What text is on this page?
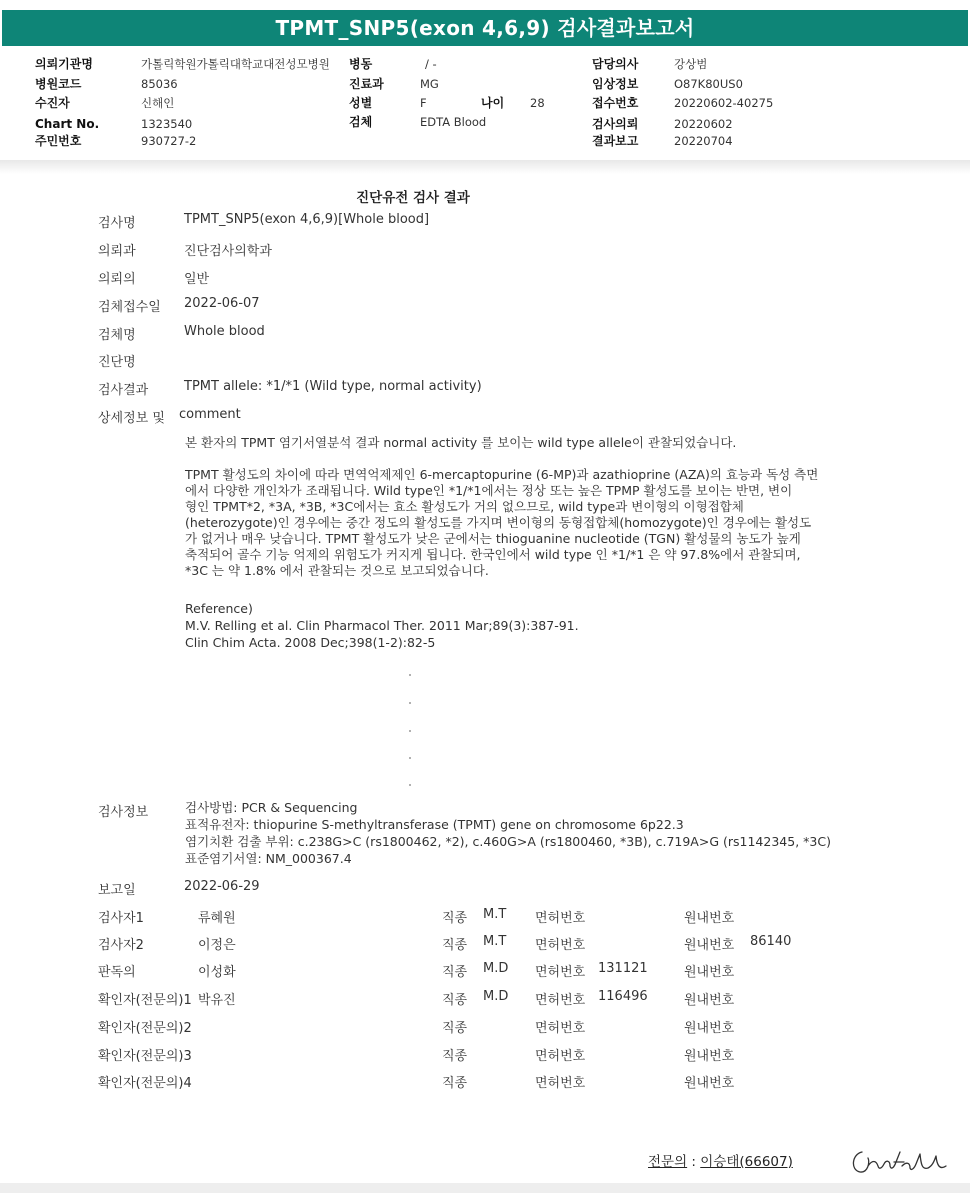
TPMT_SNP5(exon 4,6,9) 검사결과보고서
의뢰기관명	가톨릭학원가톨릭대학교대전성모병원
병원코드	85036
수진자	신해인
Chart No.	1323540
주민번호	930727-2
병동	/ -
진료과	MG
성별	F	나이 28
검체	EDTA Blood
담당의사	강상범
임상정보	O87K80US0
접수번호	20220602-40275
검사의뢰	20220602
결과보고	20220704
진단유전 검사 결과
검사명	TPMT_SNP5(exon 4,6,9)[Whole blood]
의뢰과	진단검사의학과
의뢰의	일반
검체접수일 2022-06-07
검체명	Whole blood
진단명
검사결과	TPMT allele: *1/*1 (Wild type, normal activity)
상세정보 및 comment
본 환자의 TPMT 염기서열분석 결과 normal activity 를 보이는 wild type allele이 관찰되었습니다.
TPMT 활성도의 차이에 따라 면역억제제인 6-mercaptopurine (6-MP)과 azathioprine (AZA)의 효능과 독성 측면
에서 다양한 개인차가 조래됩니다. Wild type인 *1/*1에서는 정상 또는 높은 TPMP 활성도를 보이는 반면, 변이
형인 TPMT*2, *3A, *3B, *3C에서는 효소 활성도가 거의 없으므로, wild type과 변이형의 이형접합체
(heterozygote)인 경우에는 중간 정도의 활성도를 가지며 변이형의 동형접합체(homozygote)인 경우에는 활성도
가 없거나 매우 낮습니다. TPMT 활성도가 낮은 군에서는 thioguanine nucleotide (TGN) 활성물의 농도가 높게
축적되어 골수 기능 억제의 위험도가 커지게 됩니다. 한국인에서 wild type 인 *1/*1 은 약 97.8%에서 관찰되며,
*3C 는 약 1.8% 에서 관찰되는 것으로 보고되었습니다.
Reference)
M.V. Relling et al. Clin Pharmacol Ther. 2011 Mar;89(3):387-91.
Clin Chim Acta. 2008 Dec;398(1-2):82-5
검사정보	검사방법: PCR & Sequencing
표적유전자: thiopurine S-methyltransferase (TPMT) gene on chromosome 6p22.3
염기치환 검출 부위: c.238G>C (rs1800462, *2), c.460G>A (rs1800460, *3B), c.719A>G (rs1142345, *3C)
표준염기서열: NM_000367.4
보고일	2022-06-29
검사자1	류혜원	직종 M.T 면허번호	원내번호
검사자2	이정은	직종 M.T 면허번호	원내번호 86140
판독의	이성화	직종 M.D 면허번호 131121	원내번호
확인자(전문의)1 박유진	직종 M.D 면허번호 116496	원내번호
확인자(전문의)2	직종	면허번호	원내번호
확인자(전문의)3	직종	면허번호	원내번호
확인자(전문의)4	직종	면허번호	원내번호
전문의 : 이승태(66607)
